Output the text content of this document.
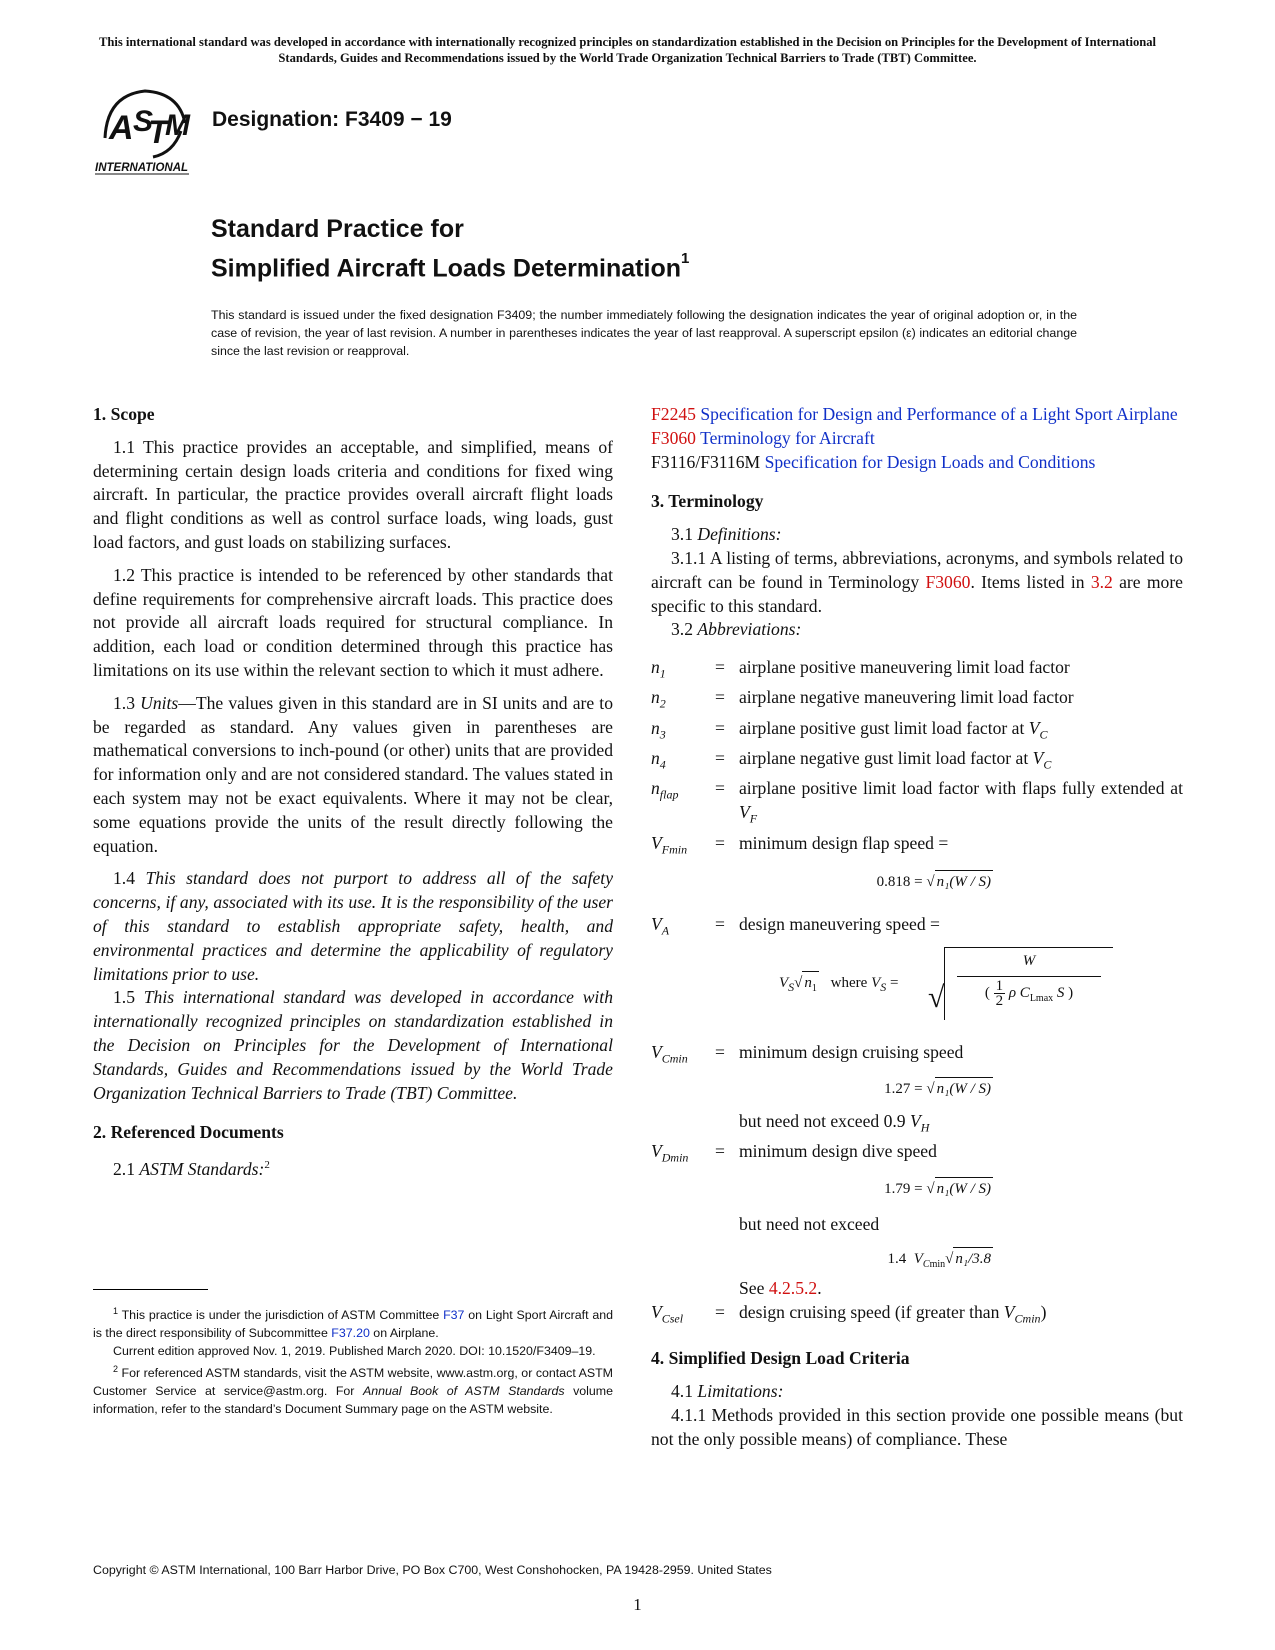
This international standard was developed in accordance with internationally recognized principles on standardization established in the Decision on Principles for the Development of International Standards, Guides and Recommendations issued by the World Trade Organization Technical Barriers to Trade (TBT) Committee.
A S
T
M
INTERNATIONAL
Designation: F3409 − 19
Standard Practice for
Simplified Aircraft Loads Determination$^1$
This standard is issued under the fixed designation F3409; the number immediately following the designation indicates the year of original adoption or, in the case of revision, the year of last revision. A number in parentheses indicates the year of last reapproval. A superscript epsilon (ε) indicates an editorial change since the last revision or reapproval.
1. Scope

1.1 This practice provides an acceptable, and simplified, means of determining certain design loads criteria and conditions for fixed wing aircraft. In particular, the practice provides overall aircraft flight loads and flight conditions as well as control surface loads, wing loads, gust load factors, and gust loads on stabilizing surfaces.

1.2 This practice is intended to be referenced by other standards that define requirements for comprehensive aircraft loads. This practice does not provide all aircraft loads required for structural compliance. In addition, each load or condition determined through this practice has limitations on its use within the relevant section to which it must adhere.

1.3 Units—The values given in this standard are in SI units and are to be regarded as standard. Any values given in parentheses are mathematical conversions to inch-pound (or other) units that are provided for information only and are not considered standard. The values stated in each system may not be exact equivalents. Where it may not be clear, some equations provide the units of the result directly following the equation.

1.4 This standard does not purport to address all of the safety concerns, if any, associated with its use. It is the responsibility of the user of this standard to establish appropriate safety, health, and environmental practices and determine the applicability of regulatory limitations prior to use.

1.5 This international standard was developed in accordance with internationally recognized principles on standardization established in the Decision on Principles for the Development of International Standards, Guides and Recommendations issued by the World Trade Organization Technical Barriers to Trade (TBT) Committee.

2. Referenced Documents

2.1 ASTM Standards:$^2$

$^1$ This practice is under the jurisdiction of ASTM Committee F37 on Light Sport Aircraft and is the direct responsibility of Subcommittee F37.20 on Airplane.

Current edition approved Nov. 1, 2019. Published March 2020. DOI: 10.1520/F3409–19.

$^2$ For referenced ASTM standards, visit the ASTM website, www.astm.org, or contact ASTM Customer Service at service@astm.org. For Annual Book of ASTM Standards volume information, refer to the standard’s Document Summary page on the ASTM website.

F2245 Specification for Design and Performance of a Light Sport Airplane
F3060 Terminology for Aircraft
F3116/F3116M Specification for Design Loads and Conditions
3. Terminology

3.1 Definitions:

3.1.1 A listing of terms, abbreviations, acronyms, and symbols related to aircraft can be found in Terminology F3060. Items listed in 3.2 are more specific to this standard.

3.2 Abbreviations:

$n_1$	= airplane positive maneuvering limit load factor
$n_2$	= airplane negative maneuvering limit load factor
$n_3$	= airplane positive gust limit load factor at $V_C$
$n_4$	= airplane negative gust limit load factor at $V_C$
$n_{flap}$	= airplane positive limit load factor with flaps fully extended at $V_F$
$V_{Fmin}$	= minimum design flap speed =
0.818 = √ n₁(W / S)
$V_A$	= design maneuvering speed =
$V_S√$ $n_1$ where $V_S$ =
W
( $\frac{1}{2}$ ρ $C_{Lmax}$ S )
√
$V_{Cmin}$	= minimum design cruising speed
1.27 = √ n₁(W / S)
but need not exceed 0.9 $V_H$
$V_{Dmin}$	= minimum design dive speed
1.79 = √ n₁(W / S)
but need not exceed
1.4 $V_{Cmin}√$ n₁/3.8
See 4.2.5.2.
$V_{Csel}$	= design cruising speed (if greater than $V_{Cmin}$)
4. Simplified Design Load Criteria

4.1 Limitations:

4.1.1 Methods provided in this section provide one possible means (but not the only possible means) of compliance. These

Copyright © ASTM International, 100 Barr Harbor Drive, PO Box C700, West Conshohocken, PA 19428-2959. United States
1
